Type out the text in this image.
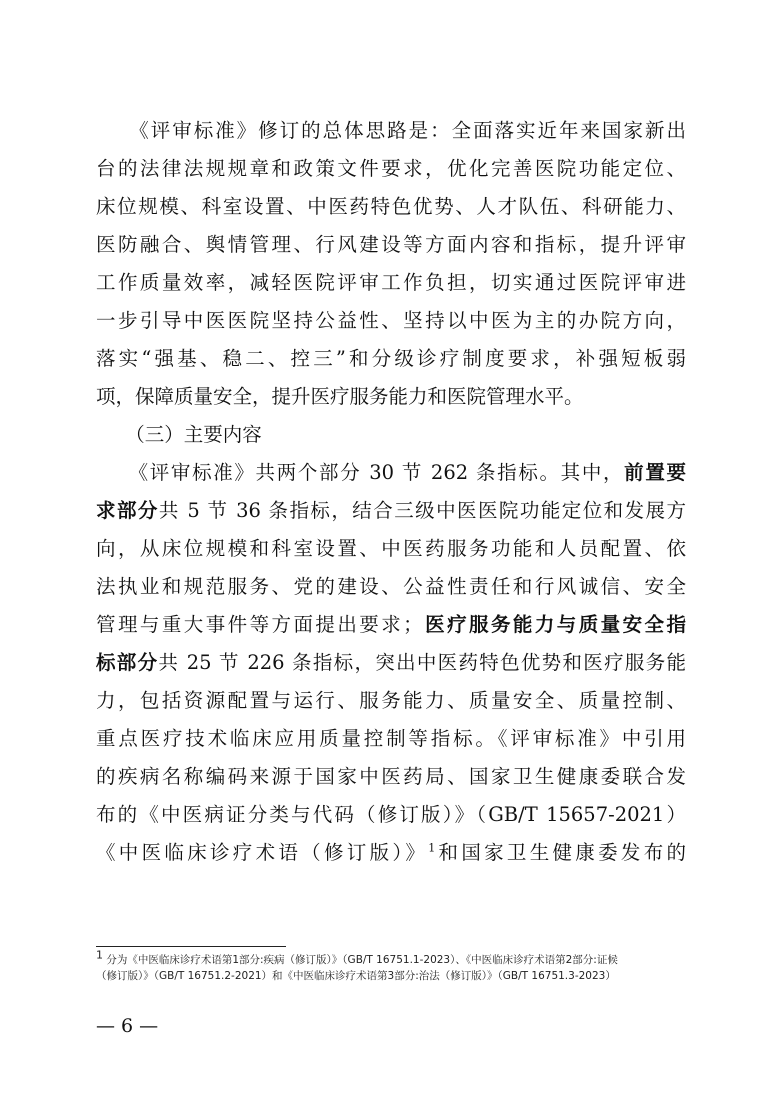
　　《评审标准》修订的总体思路是：全面落实近年来国家新出
台的法律法规规章和政策文件要求，优化完善医院功能定位、
床位规模、科室设置、中医药特色优势、人才队伍、科研能力、
医防融合、舆情管理、行风建设等方面内容和指标，提升评审
工作质量效率，减轻医院评审工作负担，切实通过医院评审进
一步引导中医医院坚持公益性、坚持以中医为主的办院方向，
落实“强基、稳二、控三”和分级诊疗制度要求，补强短板弱
项，保障质量安全，提升医疗服务能力和医院管理水平。
　　（三）主要内容
　　《评审标准》共两个部分 30 节 262 条指标。其中，前置要
求部分共 5 节 36 条指标，结合三级中医医院功能定位和发展方
向，从床位规模和科室设置、中医药服务功能和人员配置、依
法执业和规范服务、党的建设、公益性责任和行风诚信、安全
管理与重大事件等方面提出要求；医疗服务能力与质量安全指
标部分共 25 节 226 条指标，突出中医药特色优势和医疗服务能
力，包括资源配置与运行、服务能力、质量安全、质量控制、
重点医疗技术临床应用质量控制等指标。《评审标准》中引用
的疾病名称编码来源于国家中医药局、国家卫生健康委联合发
布的《中医病证分类与代码（修订版）》（GB/T 15657-2021）
《中医临床诊疗术语（修订版）》$^1$和国家卫生健康委发布的
$^1$ 分为《中医临床诊疗术语第1部分:疾病（修订版）》（GB/T 16751.1-2023）、《中医临床诊疗术语第2部分:证候
（修订版）》（GB/T 16751.2-2021）和《中医临床诊疗术语第3部分:治法（修订版）》（GB/T 16751.3-2023）
— 6 —
